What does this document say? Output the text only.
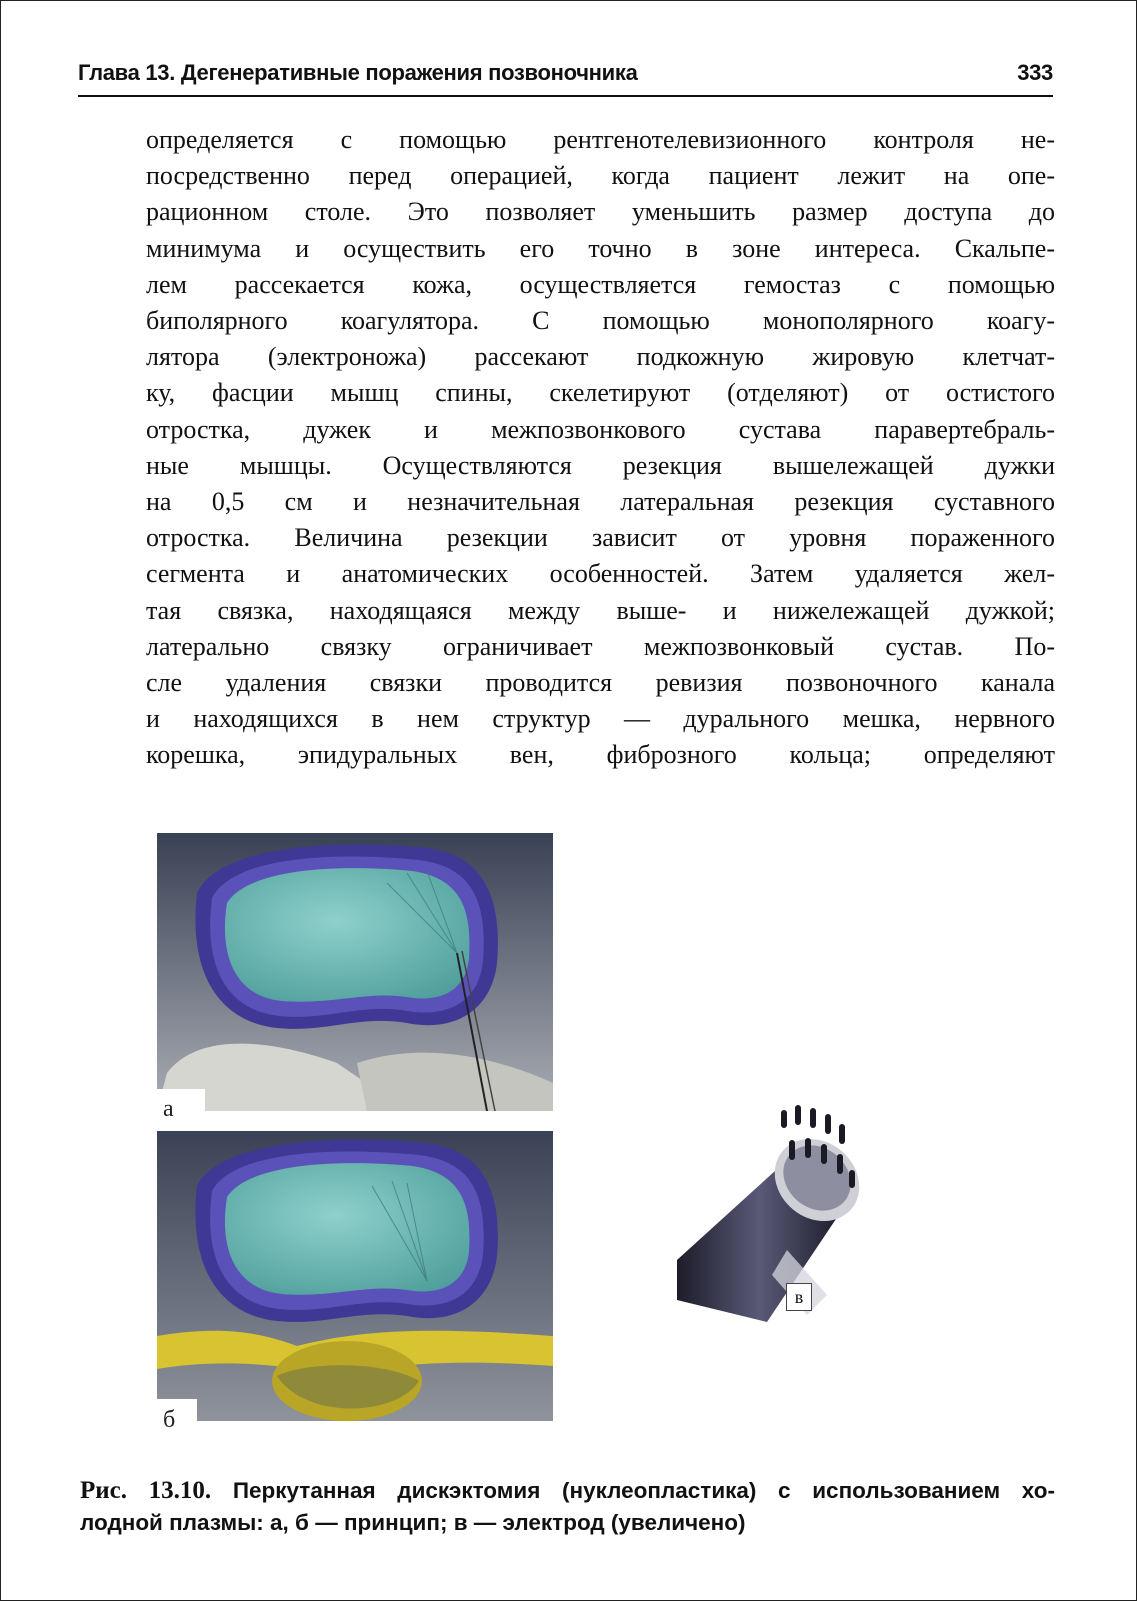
Глава 13. Дегенеративные поражения позвоночника	333
определяется с помощью рентгенотелевизионного контроля не-
посредственно перед операцией, когда пациент лежит на опе-
рационном столе. Это позволяет уменьшить размер доступа до
минимума и осуществить его точно в зоне интереса. Скальпе-
лем рассекается кожа, осуществляется гемостаз с помощью
биполярного коагулятора. С помощью монополярного коагу-
лятора (электроножа) рассекают подкожную жировую клетчат-
ку, фасции мышц спины, скелетируют (отделяют) от остистого
отростка, дужек и межпозвонкового сустава паравертебраль-
ные мышцы. Осуществляются резекция вышележащей дужки
на 0,5 см и незначительная латеральная резекция суставного
отростка. Величина резекции зависит от уровня пораженного
сегмента и анатомических особенностей. Затем удаляется жел-
тая связка, находящаяся между выше- и нижележащей дужкой;
латерально связку ограничивает межпозвонковый сустав. По-
сле удаления связки проводится ревизия позвоночного канала
и находящихся в нем структур — дурального мешка, нервного
корешка, эпидуральных вен, фиброзного кольца; определяют
а
б
в
Рис. 13.10. Перкутанная дискэктомия (нуклеопластика) с использованием хо-
лодной плазмы: а, б — принцип; в — электрод (увеличено)
